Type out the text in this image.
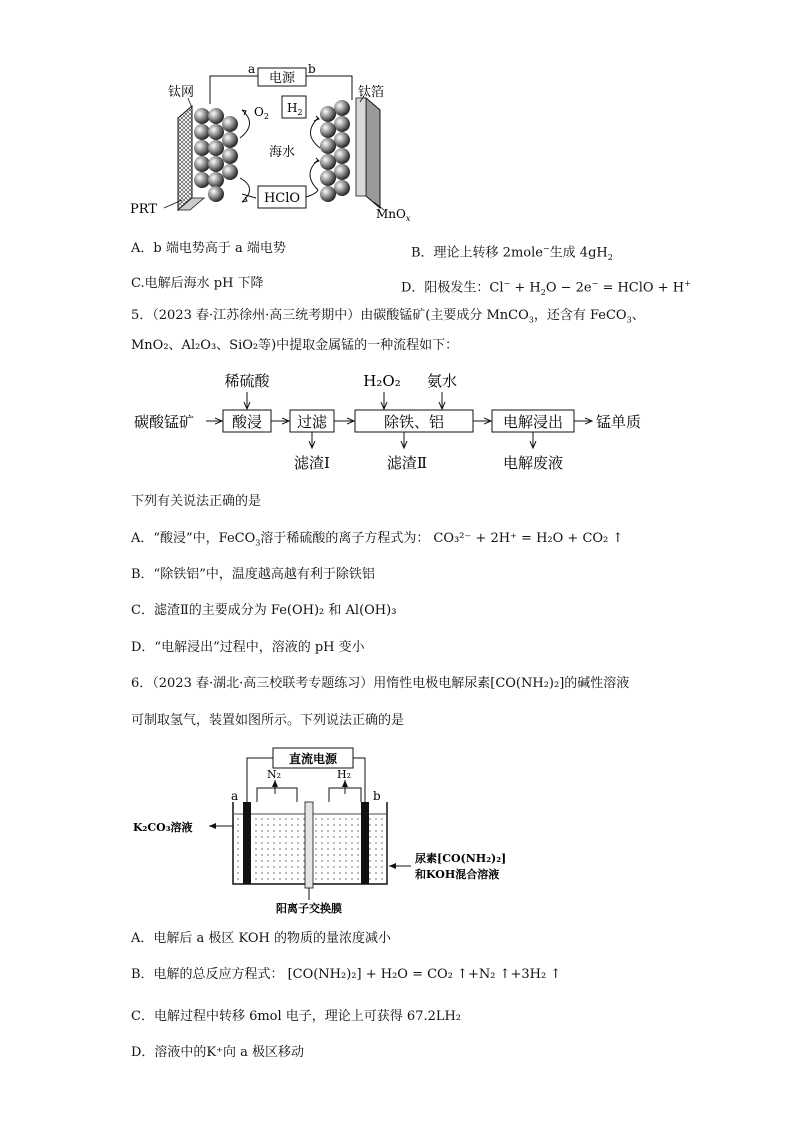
电源
a	b
钛网	钛箔
$O_2$
$H_2$
海水
HClO
PRT	MnO$_x$
A．b 端电势高于 a 端电势	B．理论上转移 2mole−生成 $4gH_2$
C.电解后海水 pH 下降	D．阳极发生：$Cl^- + H_2O - 2e^-$ = HClO + H+
5．（2023 春·江苏徐州·高三统考期中）由碳酸锰矿(主要成分 MnCO$_3$，还含有 FeCO$_3$、
MnO₂、Al₂O₃、SiO₂等)中提取金属锰的一种流程如下：
碳酸锰矿	酸浸 过滤	除铁、铝	电解浸出 锰单质
稀硫酸	H₂O₂ 氨水
滤渣Ⅰ	滤渣Ⅱ	电解废液
下列有关说法正确的是
A．“酸浸”中，FeCO$_3$溶于稀硫酸的离子方程式为： CO₃²⁻ + 2H⁺ = H₂O + CO₂ ↑
B．“除铁铝”中，温度越高越有利于除铁铝
C．滤渣Ⅱ的主要成分为 Fe(OH)₂ 和 Al(OH)₃
D．“电解浸出”过程中，溶液的 pH 变小
6．（2023 春·湖北·高三校联考专题练习）用惰性电极电解尿素[CO(NH₂)₂]的碱性溶液
可制取氢气，装置如图所示。下列说法正确的是
直流电源
N₂	H₂
a	b
K₂CO₃溶液
尿素[CO(NH₂)₂]
和KOH混合溶液
阳离子交换膜
A．电解后 a 极区 KOH 的物质的量浓度减小
B．电解的总反应方程式： [CO(NH₂)₂] + H₂O = CO₂ ↑+N₂ ↑+3H₂ ↑
C．电解过程中转移 6mol 电子，理论上可获得 67.2LH₂
D．溶液中的K⁺向 a 极区移动
